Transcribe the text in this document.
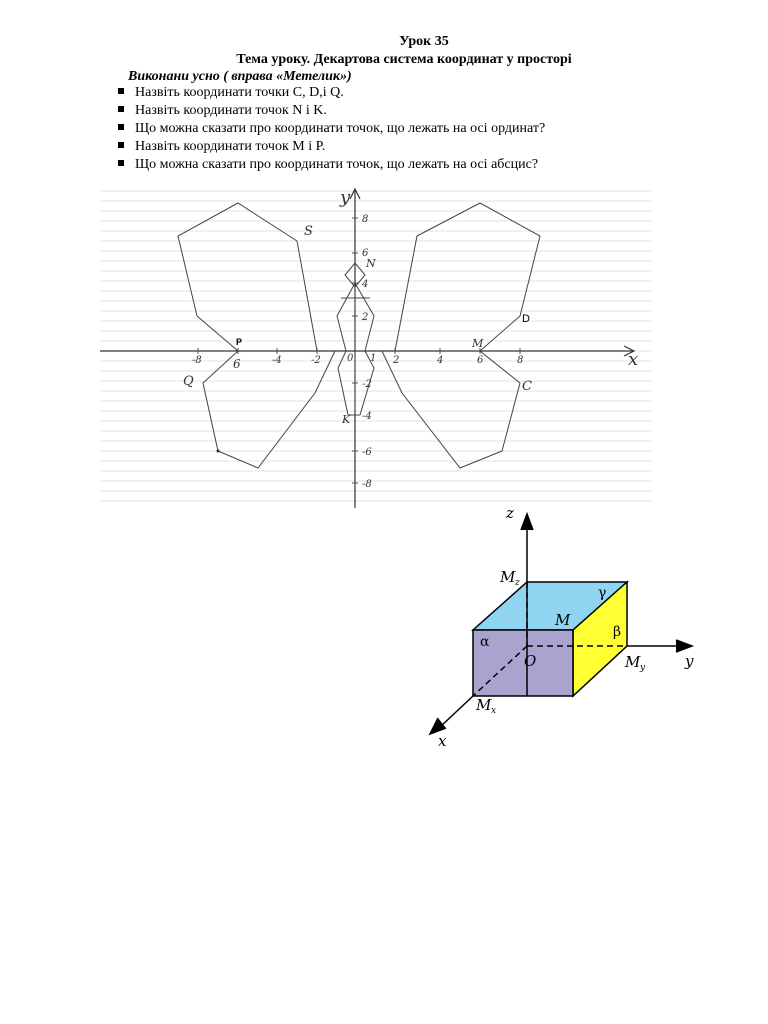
Урок 35
Тема уроку. Декартова система координат у просторі
Виконани усно ( вправа «Метелик»)
Назвіть координати точки C, D,і Q.
Назвіть координати точок N і K.
Що можна сказати про координати точок, що лежать на осі ординат?
Назвіть координати точок M і P.
Що можна сказати про координати точок, що лежать на осі абсцис?
-8	6	-4	-2	0 1 2	4	6	8
8
6
4
2
-2
-4
-6
-8
x
y
S
Q	C
N
K
M
D
P
z
y
x
M z
M y
M x
M
O
α
β
γ
